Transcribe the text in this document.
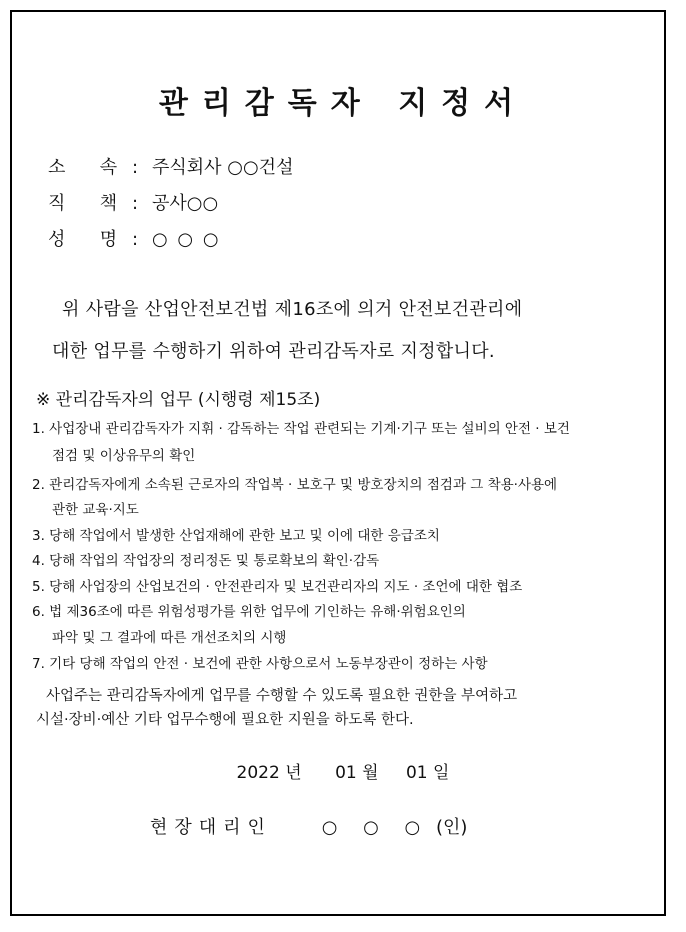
관리감독자 지정서
소      속 : 주식회사 ○○건설
직      책 : 공사○○
성      명 : ○ ○ ○
위 사람을 산업안전보건법 제16조에 의거 안전보건관리에
대한 업무를 수행하기 위하여 관리감독자로 지정합니다.
※ 관리감독자의 업무 (시행령 제15조)
1. 사업장내 관리감독자가 지휘 · 감독하는 작업 관련되는 기계·기구 또는 설비의 안전 · 보건
점검 및 이상유무의 확인
2. 관리감독자에게 소속된 근로자의 작업복 · 보호구 및 방호장치의 점검과 그 착용·사용에
관한 교육·지도
3. 당해 작업에서 발생한 산업재해에 관한 보고 및 이에 대한 응급조치
4. 당해 작업의 작업장의 정리정돈 및 통로확보의 확인·감독
5. 당해 사업장의 산업보건의 · 안전관리자 및 보건관리자의 지도 · 조언에 대한 협조
6. 법 제36조에 따른 위험성평가를 위한 업무에 기인하는 유해·위험요인의
파악 및 그 결과에 따른 개선조치의 시행
7. 기타 당해 작업의 안전 · 보건에 관한 사항으로서 노동부장관이 정하는 사항
사업주는 관리감독자에게 업무를 수행할 수 있도록 필요한 권한을 부여하고
시설·장비·예산 기타 업무수행에 필요한 지원을 하도록 한다.
2022 년 01 월 01 일
현장대리인	○ ○ ○ (인)
